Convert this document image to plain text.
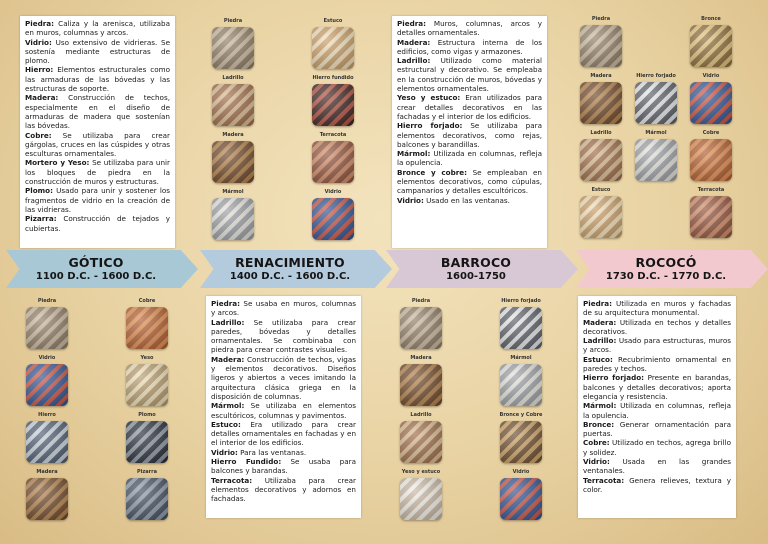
Piedra: Caliza y la arenisca, utilizaba en muros, columnas y arcos.

Vidrio: Uso extensivo de vidrieras. Se sostenía mediante estructuras de plomo.

Hierro: Elementos estructurales como las armaduras de las bóvedas y las estructuras de soporte.

Madera: Construcción de techos, especialmente en el diseño de armaduras de madera que sostenían las bóvedas.

Cobre: Se utilizaba para crear gárgolas, cruces en las cúspides y otras esculturas ornamentales.

Mortero y Yeso: Se utilizaba para unir los bloques de piedra en la construcción de muros y estructuras.

Plomo: Usado para unir y sostener los fragmentos de vidrio en la creación de las vidrieras.

Pizarra: Construcción de tejados y cubiertas.

GÓTICO
1100 D.C. - 1600 D.C.
RENACIMIENTO
1400 D.C. - 1600 D.C.

Piedra: Se usaba en muros, columnas y arcos.

Ladrillo: Se utilizaba para crear paredes, bóvedas y detalles ornamentales. Se combinaba con piedra para crear contrastes visuales.

Madera: Construcción de techos, vigas y elementos decorativos. Diseños ligeros y abiertos a veces imitando la arquitectura clásica griega en la disposición de columnas.

Mármol: Se utilizaba en elementos escultóricos, columnas y pavimentos.

Estuco: Era utilizado para crear detalles ornamentales en fachadas y en el interior de los edificios.

Vidrio: Para las ventanas.

Hierro Fundido: Se usaba para balcones y barandas.

Terracota: Utilizaba para crear elementos decorativos y adornos en fachadas.

Piedra: Muros, columnas, arcos y detalles ornamentales.

Madera: Estructura interna de los edificios, como vigas y armazones.

Ladrillo: Utilizado como material estructural y decorativo. Se empleaba en la construcción de muros, bóvedas y elementos ornamentales.

Yeso y estuco: Eran utilizados para crear detalles decorativos en las fachadas y el interior de los edificios.

Hierro forjado: Se utilizaba para elementos decorativos, como rejas, balcones y barandillas.

Mármol: Utilizada en columnas, refleja la opulencia.

Bronce y cobre: Se empleaban en elementos decorativos, como cúpulas, campanarios y detalles escultóricos.

Vidrio: Usado en las ventanas.

BARROCO
1600-1750
ROCOCÓ
1730 D.C. - 1770 D.C.

Piedra: Utilizada en muros y fachadas de su arquitectura monumental.

Madera: Utilizada en techos y detalles decorativos.

Ladrillo: Usado para estructuras, muros y arcos.

Estuco: Recubrimiento ornamental en paredes y techos.

Hierro forjado: Presente en barandas, balcones y detalles decorativos; aporta elegancia y resistencia.

Mármol: Utilizada en columnas, refleja la opulencia.

Bronce: Generar ornamentación para puertas.

Cobre: Utilizado en techos, agrega brillo y solidez.

Vidrio: Usada en las grandes ventanales.

Terracota: Genera relieves, textura y color.

Piedra	Cobre
Vidrio	Yeso
Hierro	Plomo
Madera	Pizarra
Piedra	Estuco
Ladrillo	Hierro fundido
Madera	Terracota
Mármol	Vidrio
Piedra	Hierro forjado
Madera	Mármol
Ladrillo	Bronce y Cobre
Yeso y estuco	Vidrio
Piedra	Bronce
Madera	Hierro forjado	Vidrio
Ladrillo	Mármol	Cobre
Estuco	Terracota
